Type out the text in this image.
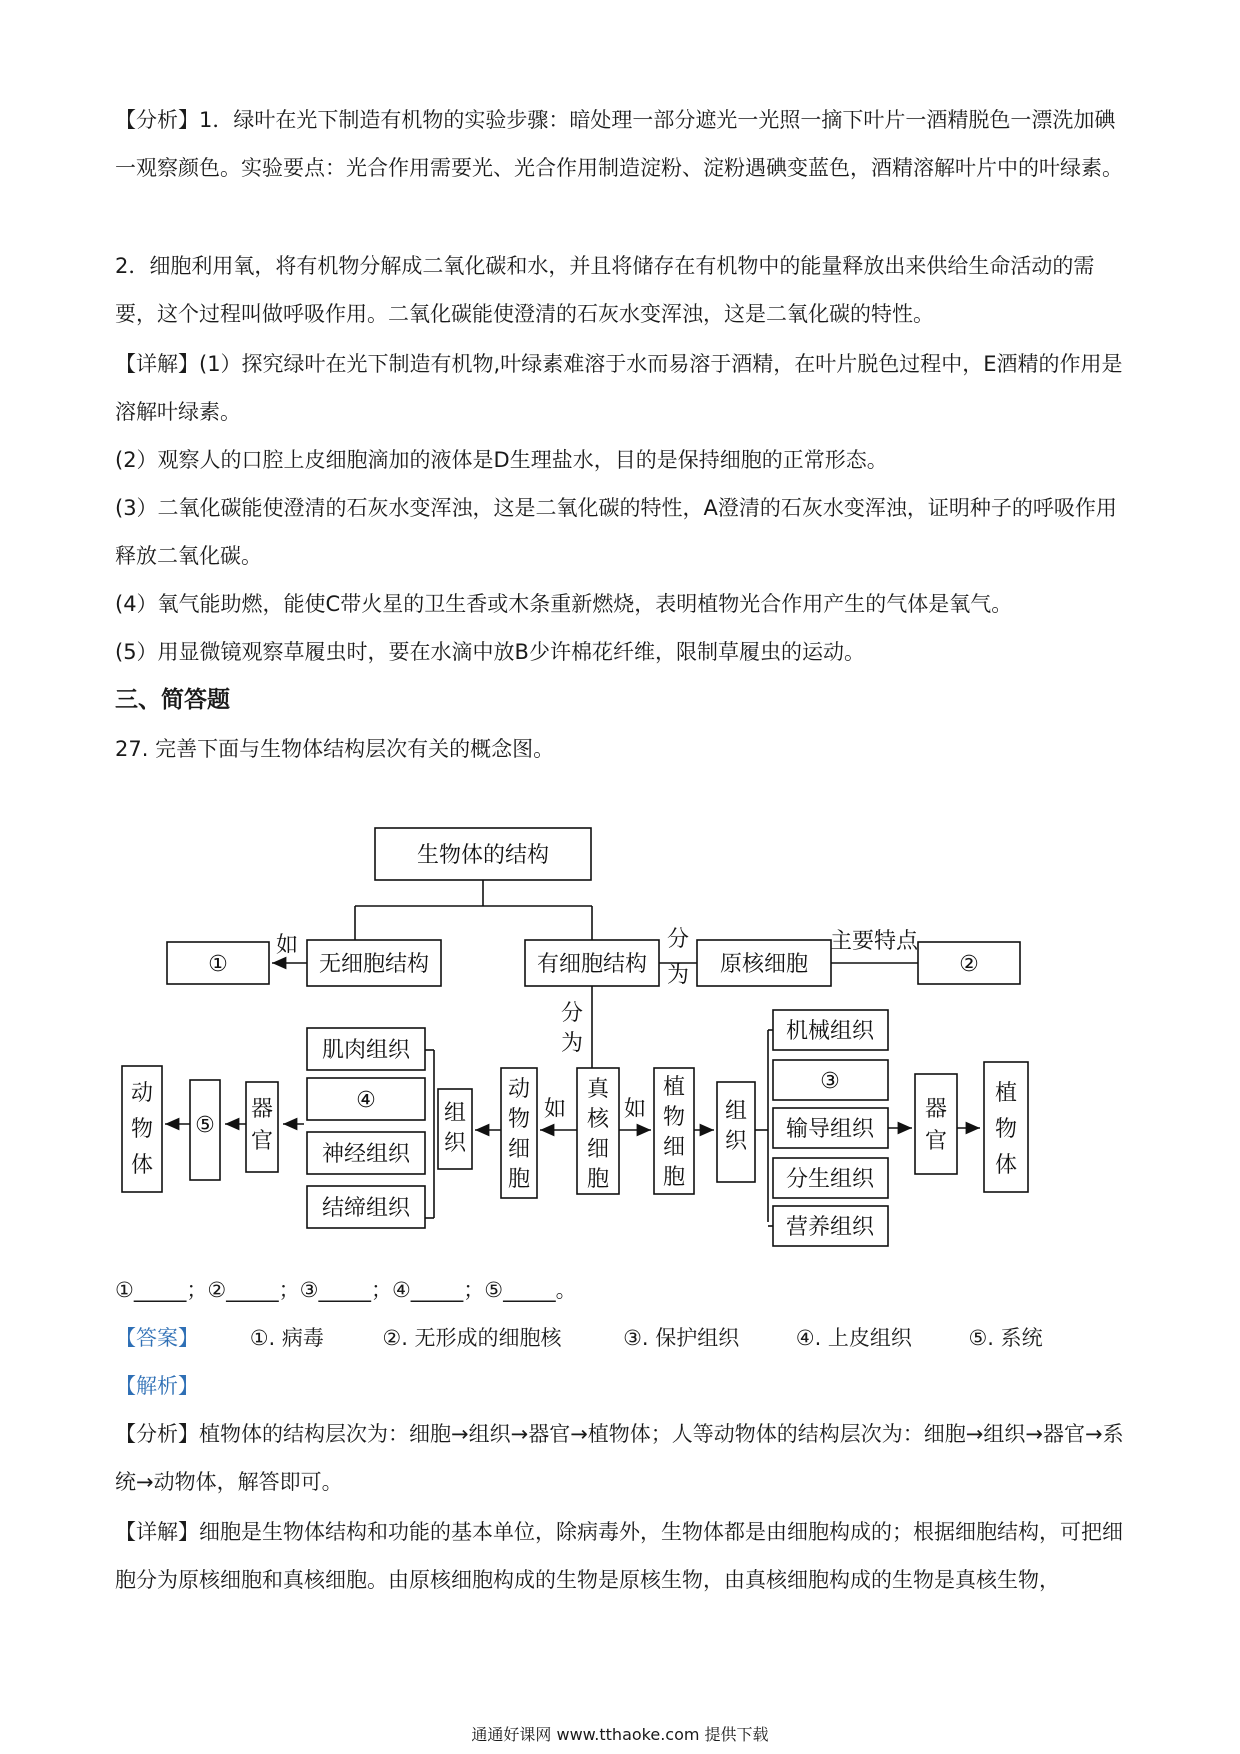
【分析】1．绿叶在光下制造有机物的实验步骤：暗处理一部分遮光一光照一摘下叶片一酒精脱色一漂洗加碘一观察颜色。实验要点：光合作用需要光、光合作用制造淀粉、淀粉遇碘变蓝色，酒精溶解叶片中的叶绿素。
2．细胞利用氧，将有机物分解成二氧化碳和水，并且将储存在有机物中的能量释放出来供给生命活动的需要，这个过程叫做呼吸作用。二氧化碳能使澄清的石灰水变浑浊，这是二氧化碳的特性。
【详解】(1）探究绿叶在光下制造有机物,叶绿素难溶于水而易溶于酒精，在叶片脱色过程中，E酒精的作用是溶解叶绿素。
(2）观察人的口腔上皮细胞滴加的液体是D生理盐水，目的是保持细胞的正常形态。
(3）二氧化碳能使澄清的石灰水变浑浊，这是二氧化碳的特性，A澄清的石灰水变浑浊，证明种子的呼吸作用释放二氧化碳。
(4）氧气能助燃，能使C带火星的卫生香或木条重新燃烧，表明植物光合作用产生的气体是氧气。
(5）用显微镜观察草履虫时，要在水滴中放B少许棉花纤维，限制草履虫的运动。
三、简答题
27. 完善下面与生物体结构层次有关的概念图。
生物体的结构
①
如
无细胞结构	有细胞结构
分
为 原核细胞
主要特点
②
分
为
真
核
细
胞
如	如
动
物
细
胞
植
物
细
胞
组
织
组
织
肌肉组织
④
神经组织
结缔组织
器
官
⑤
动
物
体
机械组织
③
输导组织
分生组织
营养组织
器
官
植
物
体
①_____；②_____；③_____；④_____；⑤_____。
【答案】 ①. 病毒	②. 无形成的细胞核	③. 保护组织	④. 上皮组织	⑤. 系统
【解析】
【分析】植物体的结构层次为：细胞→组织→器官→植物体；人等动物体的结构层次为：细胞→组织→器官→系统→动物体，解答即可。
【详解】细胞是生物体结构和功能的基本单位，除病毒外，生物体都是由细胞构成的；根据细胞结构，可把细胞分为原核细胞和真核细胞。由原核细胞构成的生物是原核生物，由真核细胞构成的生物是真核生物，
通通好课网 www.tthaoke.com 提供下载
